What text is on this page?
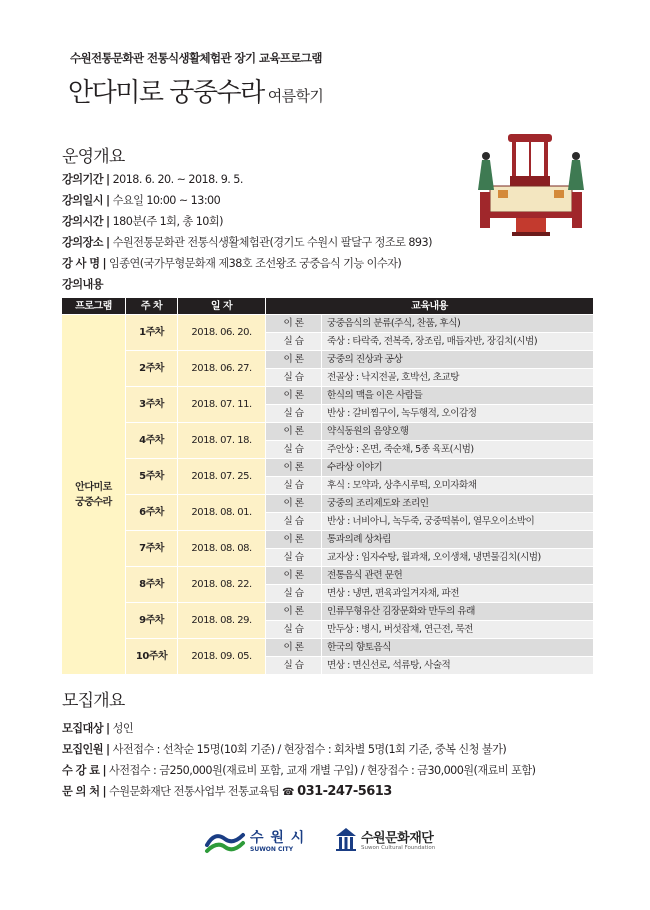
수원전통문화관 전통식생활체험관 장기 교육프로그램
안다미로 궁중수라 여름학기
운영개요
강의기간 | 2018. 6. 20. ~ 2018. 9. 5.
강의일시 | 수요일 10:00 ~ 13:00
강의시간 | 180분(주 1회, 총 10회)
강의장소 | 수원전통문화관 전통식생활체험관(경기도 수원시 팔달구 정조로 893)
강 사 명 | 임종연(국가무형문화재 제38호 조선왕조 궁중음식 기능 이수자)
강의내용
프로그램	주 차	일 자	교육내용	
안다미로
궁중수라	1주차	2018. 06. 20.	이 론	궁중음식의 분류(주식, 찬품, 후식)
			실 습	죽상 : 타락죽, 전복죽, 장조림, 매듭자반, 장김치(시범)
	2주차	2018. 06. 27.	이 론	궁중의 진상과 공상
			실 습	전골상 : 낙지전골, 호박선, 초교탕
	3주차	2018. 07. 11.	이 론	한식의 맥을 이은 사람들
			실 습	반상 : 갈비찜구이, 녹두행적, 오이감정
	4주차	2018. 07. 18.	이 론	약식동원의 음양오행
			실 습	주안상 : 온면, 죽순채, 5종 육포(시범)
	5주차	2018. 07. 25.	이 론	수라상 이야기
			실 습	후식 : 모약과, 상추시루떡, 오미자화채
	6주차	2018. 08. 01.	이 론	궁중의 조리제도와 조리인
			실 습	반상 : 너비아니, 녹두죽, 궁중떡볶이, 열무오이소박이
	7주차	2018. 08. 08.	이 론	통과의례 상차림
			실 습	교자상 : 임자수탕, 월과채, 오이생채, 냉면물김치(시범)
	8주차	2018. 08. 22.	이 론	전통음식 관련 문헌
			실 습	면상 : 냉면, 편육과일겨자채, 파전
	9주차	2018. 08. 29.	이 론	인류무형유산 김장문화와 만두의 유래
			실 습	만두상 : 병시, 버섯잡채, 연근전, 묵전
	10주차	2018. 09. 05.	이 론	한국의 향토음식
			실 습	면상 : 면신선로, 석류탕, 사술적
모집개요
모집대상 | 성인
모집인원 | 사전접수 : 선착순 15명(10회 기준) / 현장접수 : 회차별 5명(1회 기준, 중복 신청 불가)
수 강 료 | 사전접수 : 금250,000원(재료비 포함, 교재 개별 구입) / 현장접수 : 금30,000원(재료비 포함)
문 의 처 | 수원문화재단 전통사업부 전통교육팀 ☎ 031-247-5613
수 원 시
SUWON CITY
수원문화재단
Suwon Cultural Foundation
